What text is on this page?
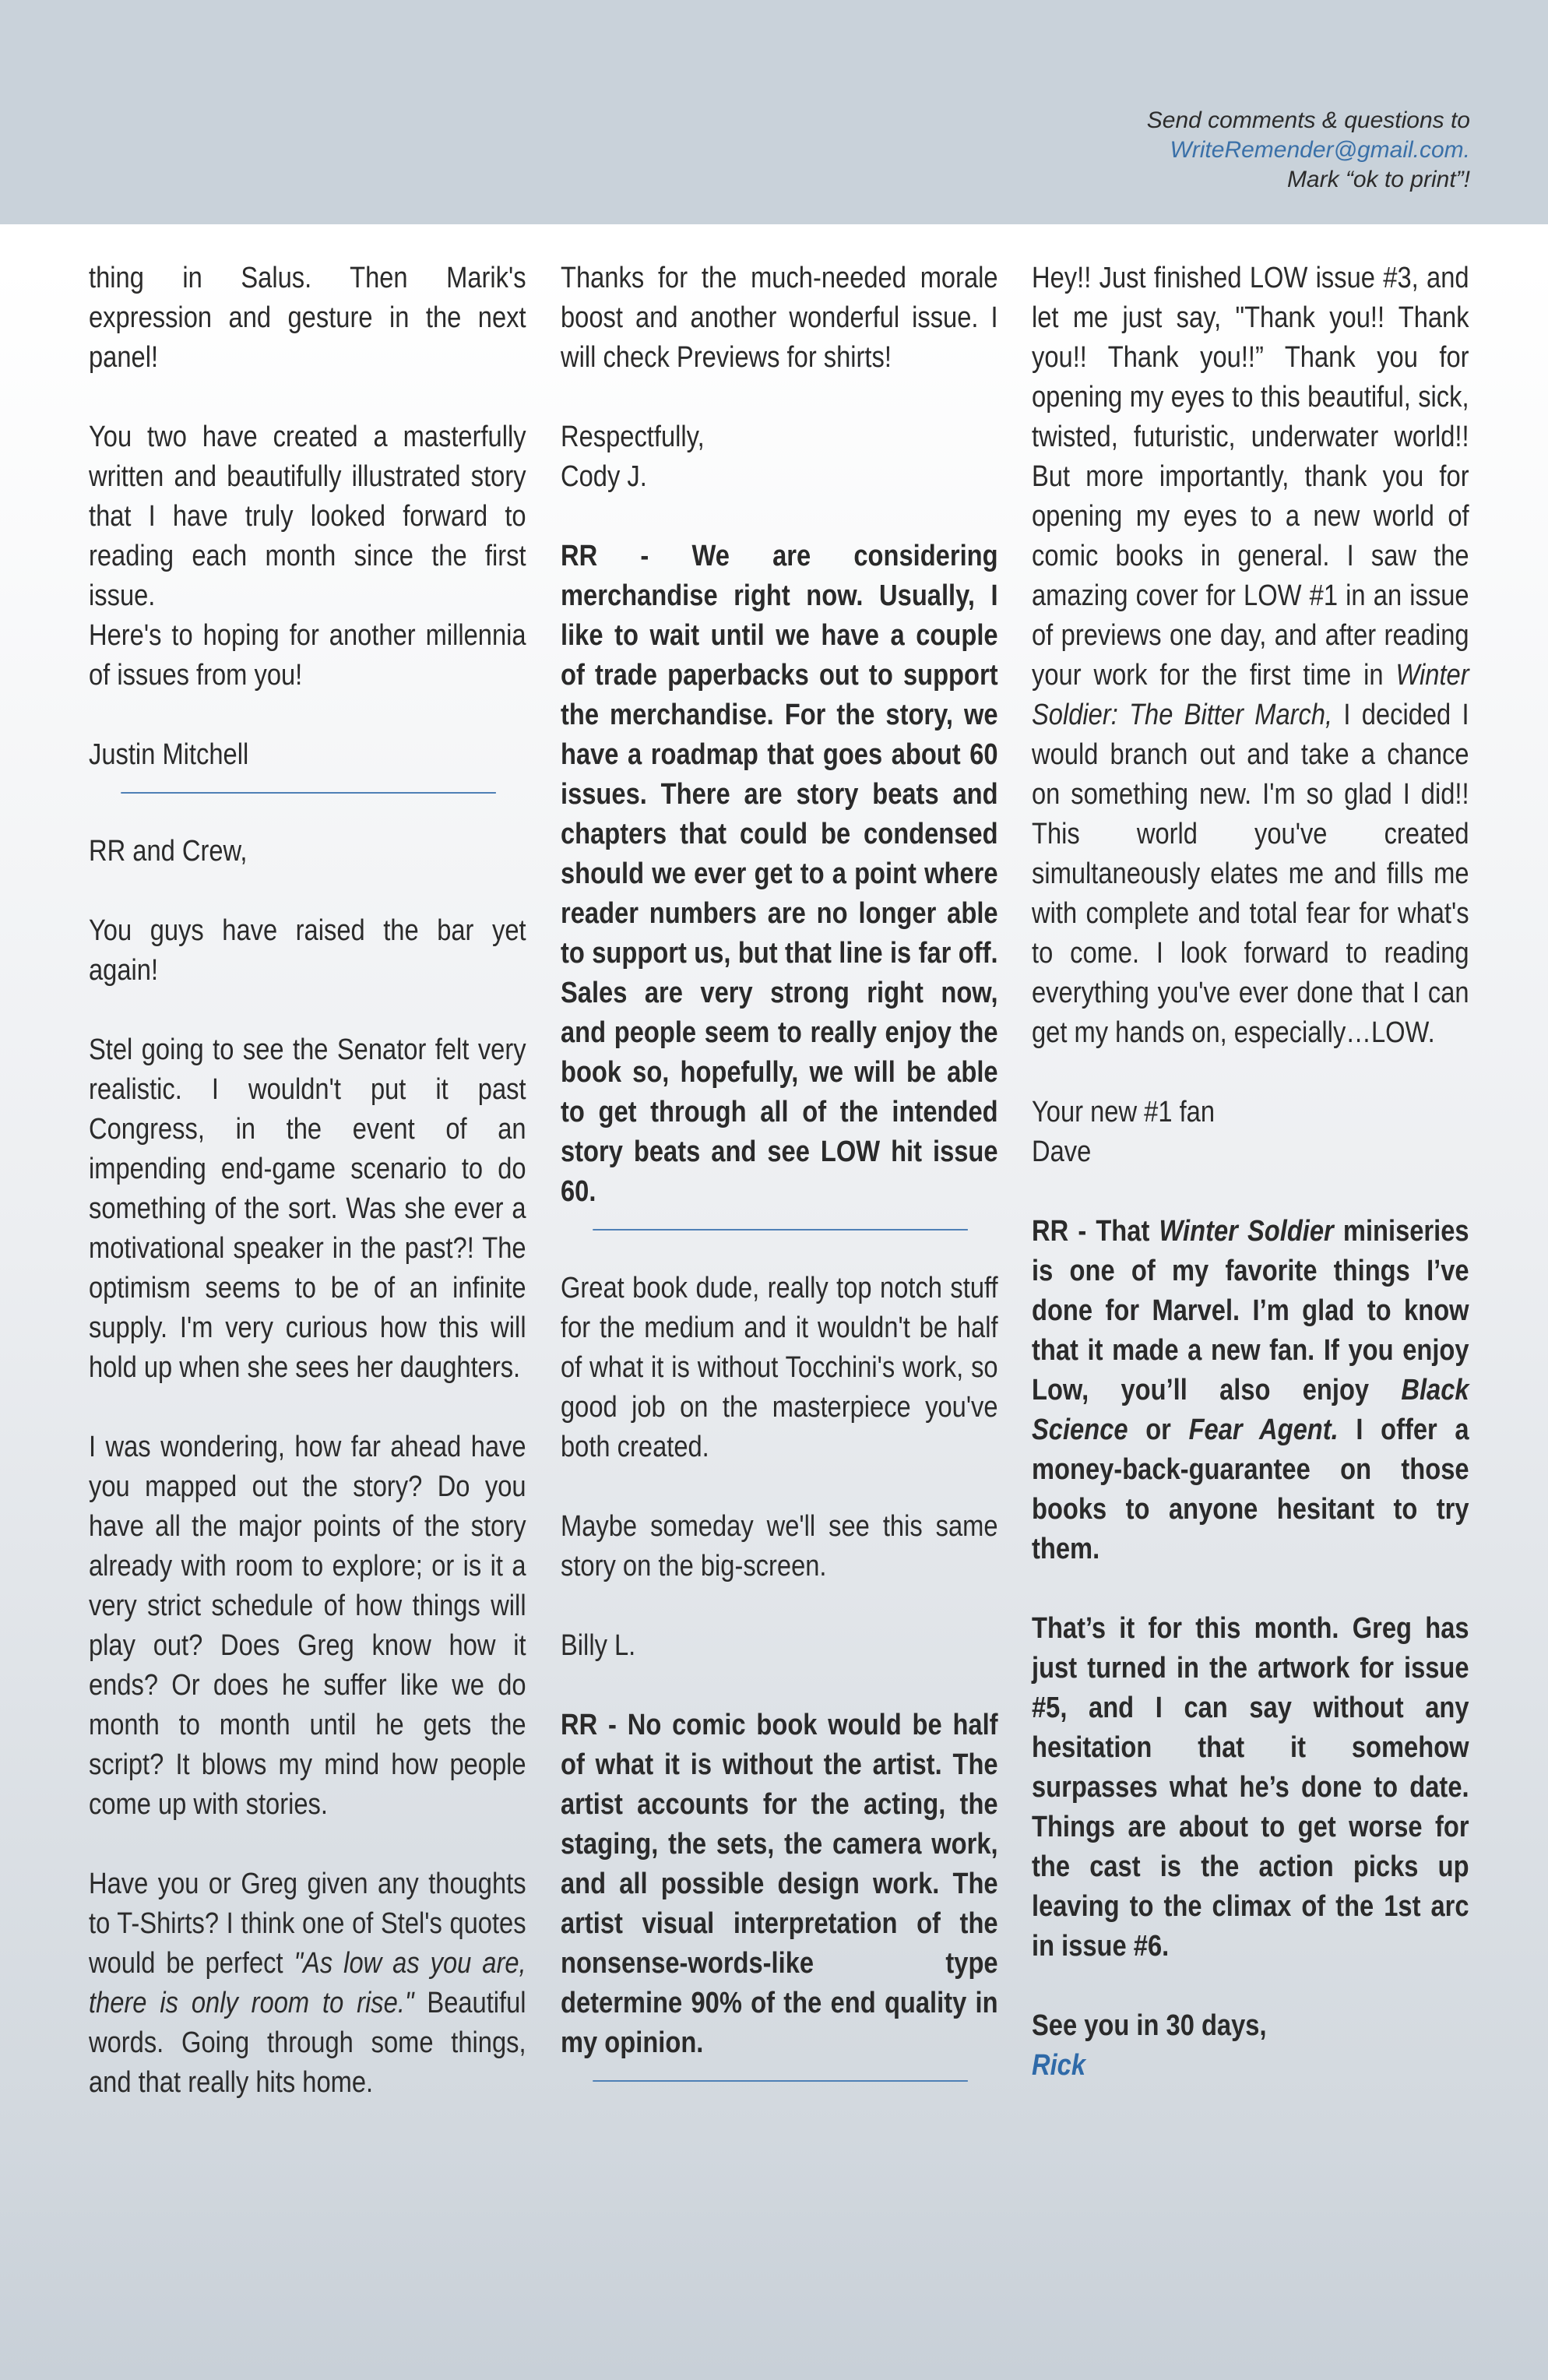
Send comments & questions to
WriteRemender@gmail.com.
Mark “ok to print”!

thing in Salus. Then Marik's expression and gesture in the next panel!

You two have created a masterfully written and beautifully illustrated story that I have truly looked forward to reading each month since the first issue.

Here's to hoping for another millennia of issues from you!

Justin Mitchell

RR and Crew,

You guys have raised the bar yet again!

Stel going to see the Senator felt very realistic. I wouldn't put it past Congress, in the event of an impending end-game scenario to do something of the sort. Was she ever a motivational speaker in the past?! The optimism seems to be of an infinite supply. I'm very curious how this will hold up when she sees her daughters.

I was wondering, how far ahead have you mapped out the story? Do you have all the major points of the story already with room to explore; or is it a very strict schedule of how things will play out? Does Greg know how it ends? Or does he suffer like we do month to month until he gets the script? It blows my mind how people come up with stories.

Have you or Greg given any thoughts to T-Shirts? I think one of Stel's quotes would be perfect "As low as you are, there is only room to rise." Beautiful words. Going through some things, and that really hits home.

Thanks for the much-needed morale boost and another wonderful issue. I will check Previews for shirts!

Respectfully,

Cody J.

RR - We are considering merchandise right now. Usually, I like to wait until we have a couple of trade paperbacks out to support the merchandise. For the story, we have a roadmap that goes about 60 issues. There are story beats and chapters that could be condensed should we ever get to a point where reader numbers are no longer able to support us, but that line is far off. Sales are very strong right now, and people seem to really enjoy the book so, hopefully, we will be able to get through all of the intended story beats and see LOW hit issue 60.

Great book dude, really top notch stuff for the medium and it wouldn't be half of what it is without Tocchini's work, so good job on the masterpiece you've both created.

Maybe someday we'll see this same story on the big-screen.

Billy L.

RR - No comic book would be half of what it is without the artist. The artist accounts for the acting, the staging, the sets, the camera work, and all possible design work. The artist visual interpretation of the nonsense-words-like type determine 90% of the end quality in my opinion.

Hey!! Just finished LOW issue #3, and let me just say, "Thank you!! Thank you!! Thank you!!” Thank you for opening my eyes to this beautiful, sick, twisted, futuristic, underwater world!! But more importantly, thank you for opening my eyes to a new world of comic books in general. I saw the amazing cover for LOW #1 in an issue of previews one day, and after reading your work for the first time in Winter Soldier: The Bitter March, I decided I would branch out and take a chance on something new. I'm so glad I did!! This world you've created simultaneously elates me and fills me with complete and total fear for what's to come. I look forward to reading everything you've ever done that I can get my hands on, especially…LOW.

Your new #1 fan

Dave

RR - That Winter Soldier miniseries is one of my favorite things I’ve done for Marvel. I’m glad to know that it made a new fan. If you enjoy Low, you’ll also enjoy Black Science or Fear Agent. I offer a money-back-guarantee on those books to anyone hesitant to try them.

That’s it for this month. Greg has just turned in the artwork for issue #5, and I can say without any hesitation that it somehow surpasses what he’s done to date. Things are about to get worse for the cast is the action picks up leaving to the climax of the 1st arc in issue #6.

See you in 30 days,

Rick
